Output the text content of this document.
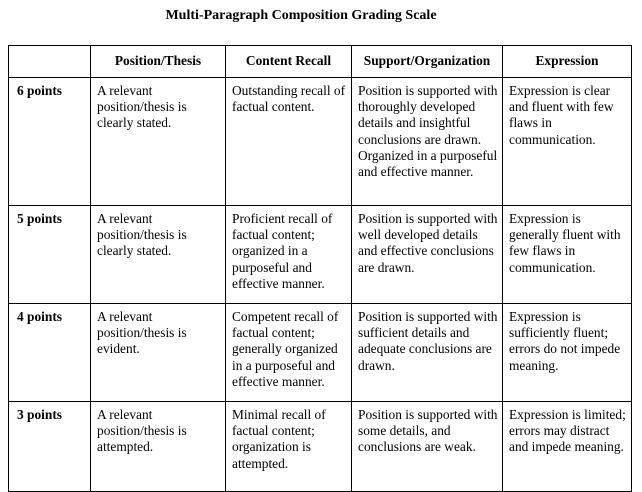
Multi-Paragraph Composition Grading Scale
	Position/Thesis	Content Recall	Support/Organization	Expression
6 points	A relevant position/thesis is clearly stated.	Outstanding recall of factual content.	Position is supported with thoroughly developed details and insightful conclusions are drawn. Organized in a purposeful and effective manner.	Expression is clear and fluent with few flaws in communication.
5 points	A relevant position/thesis is clearly stated.	Proficient recall of factual content; organized in a purposeful and effective manner.	Position is supported with well developed details and effective conclusions are drawn.	Expression is generally fluent with few flaws in communication.
4 points	A relevant position/thesis is evident.	Competent recall of factual content; generally organized in a purposeful and effective manner.	Position is supported with sufficient details and adequate conclusions are drawn.	Expression is sufficiently fluent; errors do not impede meaning.
3 points	A relevant position/thesis is attempted.	Minimal recall of factual content; organization is attempted.	Position is supported with some details, and conclusions are weak.	Expression is limited; errors may distract and impede meaning.
